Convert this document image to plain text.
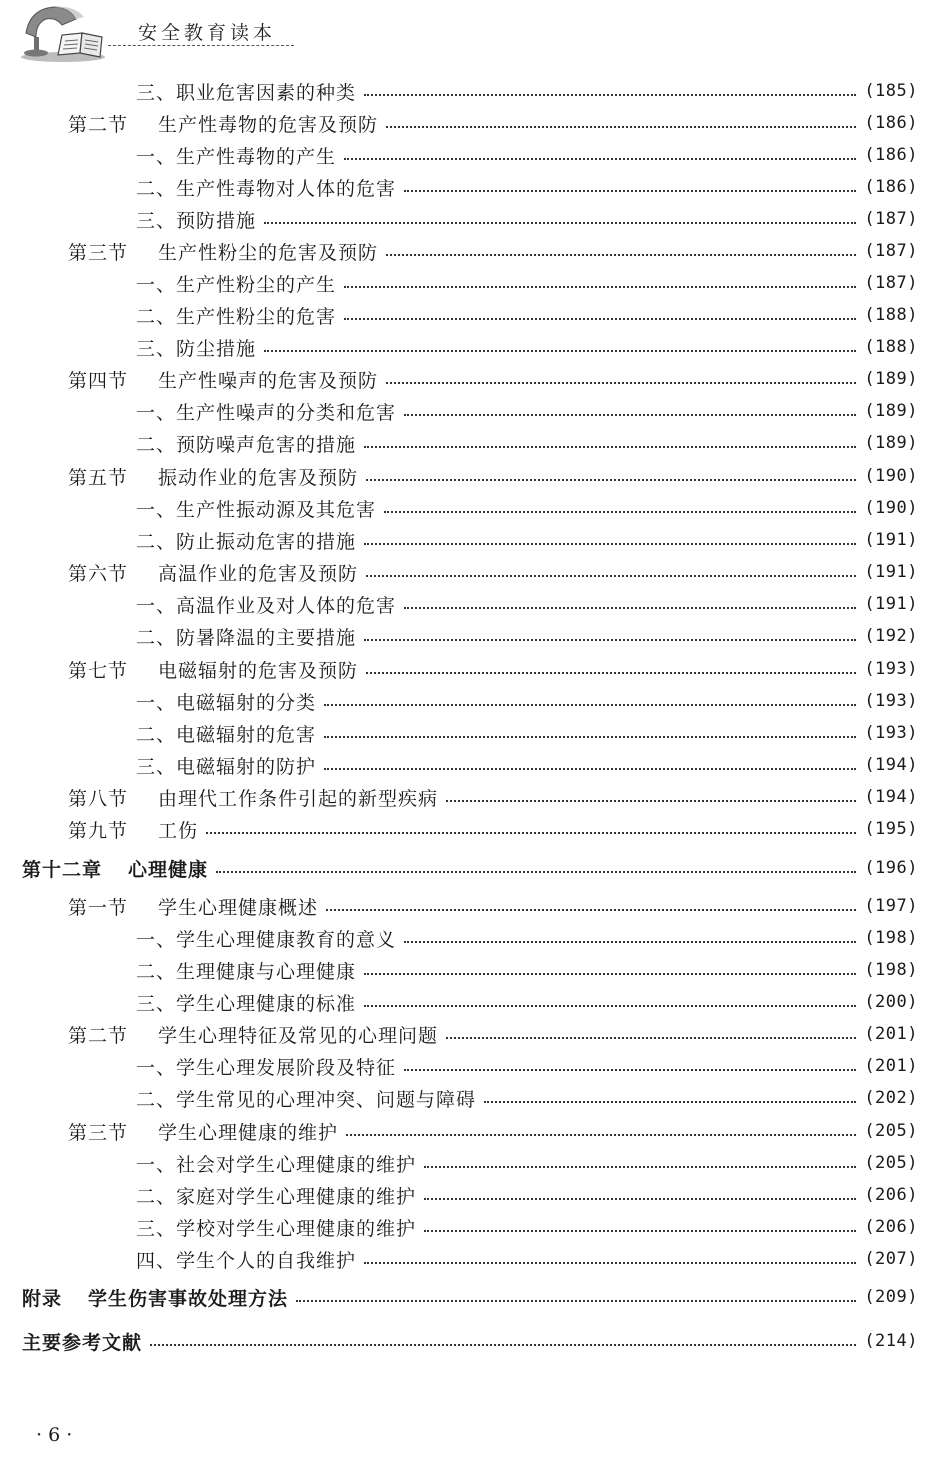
安全教育读本
三、职业危害因素的种类	(185)
第二节 生产性毒物的危害及预防	(186)
一、生产性毒物的产生	(186)
二、生产性毒物对人体的危害	(186)
三、预防措施	(187)
第三节 生产性粉尘的危害及预防	(187)
一、生产性粉尘的产生	(187)
二、生产性粉尘的危害	(188)
三、防尘措施	(188)
第四节 生产性噪声的危害及预防	(189)
一、生产性噪声的分类和危害	(189)
二、预防噪声危害的措施	(189)
第五节 振动作业的危害及预防	(190)
一、生产性振动源及其危害	(190)
二、防止振动危害的措施	(191)
第六节 高温作业的危害及预防	(191)
一、高温作业及对人体的危害	(191)
二、防暑降温的主要措施	(192)
第七节 电磁辐射的危害及预防	(193)
一、电磁辐射的分类	(193)
二、电磁辐射的危害	(193)
三、电磁辐射的防护	(194)
第八节 由理代工作条件引起的新型疾病	(194)
第九节 工伤	(195)
第十二章 心理健康	(196)
第一节 学生心理健康概述	(197)
一、学生心理健康教育的意义	(198)
二、生理健康与心理健康	(198)
三、学生心理健康的标准	(200)
第二节 学生心理特征及常见的心理问题	(201)
一、学生心理发展阶段及特征	(201)
二、学生常见的心理冲突、问题与障碍	(202)
第三节 学生心理健康的维护	(205)
一、社会对学生心理健康的维护	(205)
二、家庭对学生心理健康的维护	(206)
三、学校对学生心理健康的维护	(206)
四、学生个人的自我维护	(207)
附录 学生伤害事故处理方法	(209)
主要参考文献	(214)
· 6 ·
